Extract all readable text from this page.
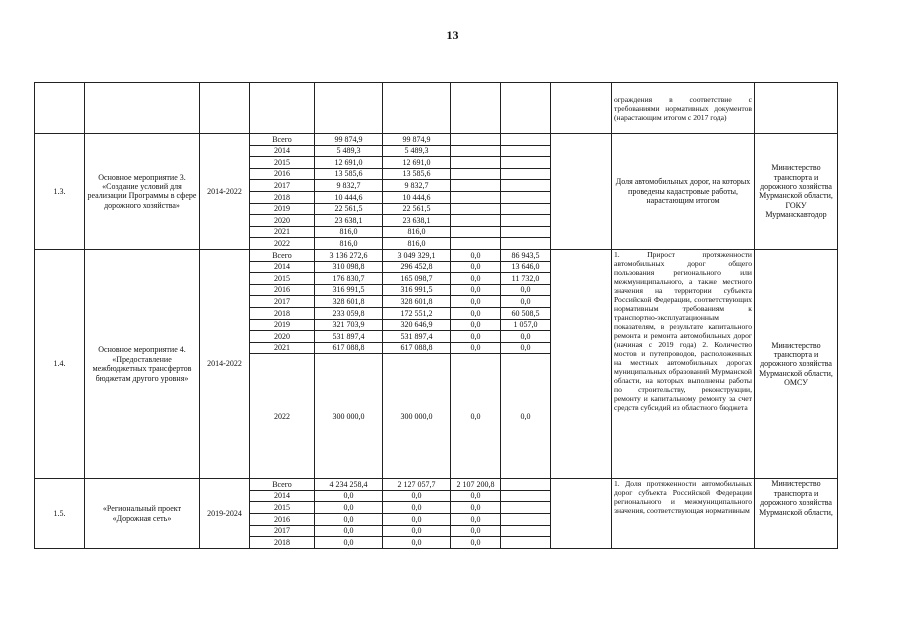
13
									ограждения в соответствие с требованиями нормативных документов (нарастающим итогом с 2017 года)	
1.3.	Основное мероприятие 3. «Создание условий для реализации Программы в сфере дорожного хозяйства»	2014-2022	Всего	99 874,9	99 874,9				Доля автомобильных дорог, на которых проведены кадастровые работы, нарастающим итогом	Министерство транспорта и дорожного хозяйства Мурманской области, ГОКУ Мурманскавтодор
			2014	5 489,3	5 489,3					
			2015	12 691,0	12 691,0					
			2016	13 585,6	13 585,6					
			2017	9 832,7	9 832,7					
			2018	10 444,6	10 444,6					
			2019	22 561,5	22 561,5					
			2020	23 638,1	23 638,1					
			2021	816,0	816,0					
			2022	816,0	816,0					
1.4.	Основное мероприятие 4. «Предоставление межбюджетных трансфертов бюджетам другого уровня»	2014-2022	Всего	3 136 272,6	3 049 329,1	0,0	86 943,5		1. Прирост протяженности автомобильных дорог общего пользования регионального или межмуниципального, а также местного значения на территории субъекта Российской Федерации, соответствующих нормативным требованиям к транспортно-эксплуатационным показателям, в результате капитального ремонта и ремонта автомобильных дорог (начиная с 2019 года) 2. Количество мостов и путепроводов, расположенных на местных автомобильных дорогах муниципальных образований Мурманской области, на которых выполнены работы по строительству, реконструкции, ремонту и капитальному ремонту за счет средств субсидий из областного бюджета	Министерство транспорта и дорожного хозяйства Мурманской области, ОМСУ
			2014	310 098,8	296 452,8	0,0	13 646,0			
			2015	176 830,7	165 098,7	0,0	11 732,0			
			2016	316 991,5	316 991,5	0,0	0,0			
			2017	328 601,8	328 601,8	0,0	0,0			
			2018	233 059,8	172 551,2	0,0	60 508,5			
			2019	321 703,9	320 646,9	0,0	1 057,0			
			2020	531 897,4	531 897,4	0,0	0,0			
			2021	617 088,8	617 088,8	0,0	0,0			
			2022	300 000,0	300 000,0	0,0	0,0			
1.5.	«Региональный проект «Дорожная сеть»	2019-2024	Всего	4 234 258,4	2 127 057,7	2 107 200,8			1. Доля протяженности автомобильных дорог субъекта Российской Федерации регионального и межмуниципального значения, соответствующая нормативным	Министерство транспорта и дорожного хозяйства Мурманской области,
			2014	0,0	0,0	0,0				
			2015	0,0	0,0	0,0				
			2016	0,0	0,0	0,0				
			2017	0,0	0,0	0,0				
			2018	0,0	0,0	0,0				
